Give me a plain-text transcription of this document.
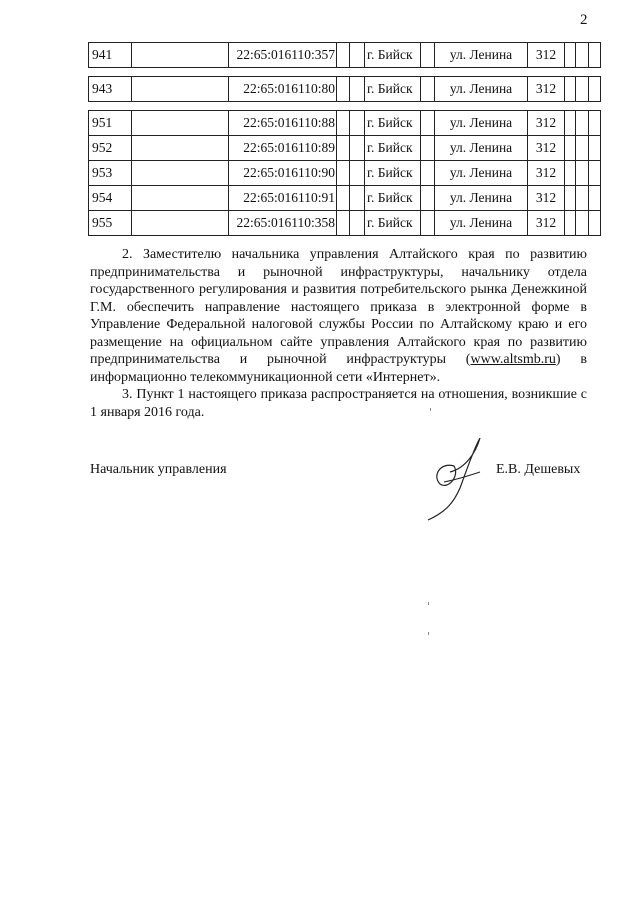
2
941		22:65:016110:357			г. Бийск		ул. Ленина	312			
943		22:65:016110:80			г. Бийск		ул. Ленина	312			
951		22:65:016110:88			г. Бийск		ул. Ленина	312			
952		22:65:016110:89			г. Бийск		ул. Ленина	312			
953		22:65:016110:90			г. Бийск		ул. Ленина	312			
954		22:65:016110:91			г. Бийск		ул. Ленина	312			
955		22:65:016110:358			г. Бийск		ул. Ленина	312			

2. Заместителю начальника управления Алтайского края по развитию предпринимательства и рыночной инфраструктуры, начальнику отдела государственного регулирования и развития потребительского рынка Денежкиной Г.М. обеспечить направление настоящего приказа в электронной форме в Управление Федеральной налоговой службы России по Алтайскому краю и его размещение на официальном сайте управления Алтайского края по развитию предпринимательства и рыночной инфраструктуры (www.altsmb.ru) в информационно телекоммуникационной сети «Интернет».

3. Пункт 1 настоящего приказа распространяется на отношения, возникшие с 1 января 2016 года.

Начальник управления	Е.В. Дешевых
